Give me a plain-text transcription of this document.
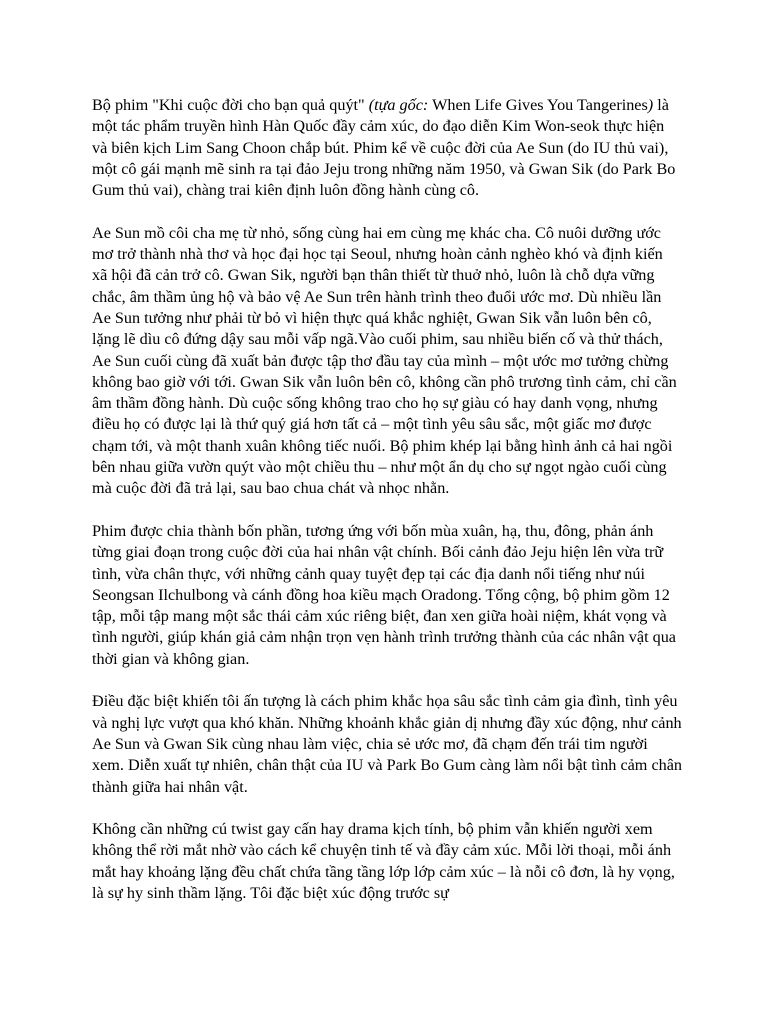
Bộ phim "Khi cuộc đời cho bạn quả quýt" (tựa gốc: When Life Gives You Tangerines) là một tác phẩm truyền hình Hàn Quốc đầy cảm xúc, do đạo diễn Kim Won-seok thực hiện và biên kịch Lim Sang Choon chắp bút. Phim kể về cuộc đời của Ae Sun (do IU thủ vai), một cô gái mạnh mẽ sinh ra tại đảo Jeju trong những năm 1950, và Gwan Sik (do Park Bo Gum thủ vai), chàng trai kiên định luôn đồng hành cùng cô.

Ae Sun mồ côi cha mẹ từ nhỏ, sống cùng hai em cùng mẹ khác cha. Cô nuôi dưỡng ước mơ trở thành nhà thơ và học đại học tại Seoul, nhưng hoàn cảnh nghèo khó và định kiến xã hội đã cản trở cô. Gwan Sik, người bạn thân thiết từ thuở nhỏ, luôn là chỗ dựa vững chắc, âm thầm ủng hộ và bảo vệ Ae Sun trên hành trình theo đuổi ước mơ. Dù nhiều lần Ae Sun tưởng như phải từ bỏ vì hiện thực quá khắc nghiệt, Gwan Sik vẫn luôn bên cô, lặng lẽ dìu cô đứng dậy sau mỗi vấp ngã.Vào cuối phim, sau nhiều biến cố và thử thách, Ae Sun cuối cùng đã xuất bản được tập thơ đầu tay của mình – một ước mơ tưởng chừng không bao giờ với tới. Gwan Sik vẫn luôn bên cô, không cần phô trương tình cảm, chỉ cần âm thầm đồng hành. Dù cuộc sống không trao cho họ sự giàu có hay danh vọng, nhưng điều họ có được lại là thứ quý giá hơn tất cả – một tình yêu sâu sắc, một giấc mơ được chạm tới, và một thanh xuân không tiếc nuối. Bộ phim khép lại bằng hình ảnh cả hai ngồi bên nhau giữa vườn quýt vào một chiều thu – như một ẩn dụ cho sự ngọt ngào cuối cùng mà cuộc đời đã trả lại, sau bao chua chát và nhọc nhằn.

Phim được chia thành bốn phần, tương ứng với bốn mùa xuân, hạ, thu, đông, phản ánh từng giai đoạn trong cuộc đời của hai nhân vật chính. Bối cảnh đảo Jeju hiện lên vừa trữ tình, vừa chân thực, với những cảnh quay tuyệt đẹp tại các địa danh nổi tiếng như núi Seongsan Ilchulbong và cánh đồng hoa kiều mạch Oradong. Tổng cộng, bộ phim gồm 12 tập, mỗi tập mang một sắc thái cảm xúc riêng biệt, đan xen giữa hoài niệm, khát vọng và tình người, giúp khán giả cảm nhận trọn vẹn hành trình trưởng thành của các nhân vật qua thời gian và không gian.

Điều đặc biệt khiến tôi ấn tượng là cách phim khắc họa sâu sắc tình cảm gia đình, tình yêu và nghị lực vượt qua khó khăn. Những khoảnh khắc giản dị nhưng đầy xúc động, như cảnh Ae Sun và Gwan Sik cùng nhau làm việc, chia sẻ ước mơ, đã chạm đến trái tim người xem. Diễn xuất tự nhiên, chân thật của IU và Park Bo Gum càng làm nổi bật tình cảm chân thành giữa hai nhân vật.

Không cần những cú twist gay cấn hay drama kịch tính, bộ phim vẫn khiến người xem không thể rời mắt nhờ vào cách kể chuyện tinh tế và đầy cảm xúc. Mỗi lời thoại, mỗi ánh mắt hay khoảng lặng đều chất chứa tầng tầng lớp lớp cảm xúc – là nỗi cô đơn, là hy vọng, là sự hy sinh thầm lặng. Tôi đặc biệt xúc động trước sự
